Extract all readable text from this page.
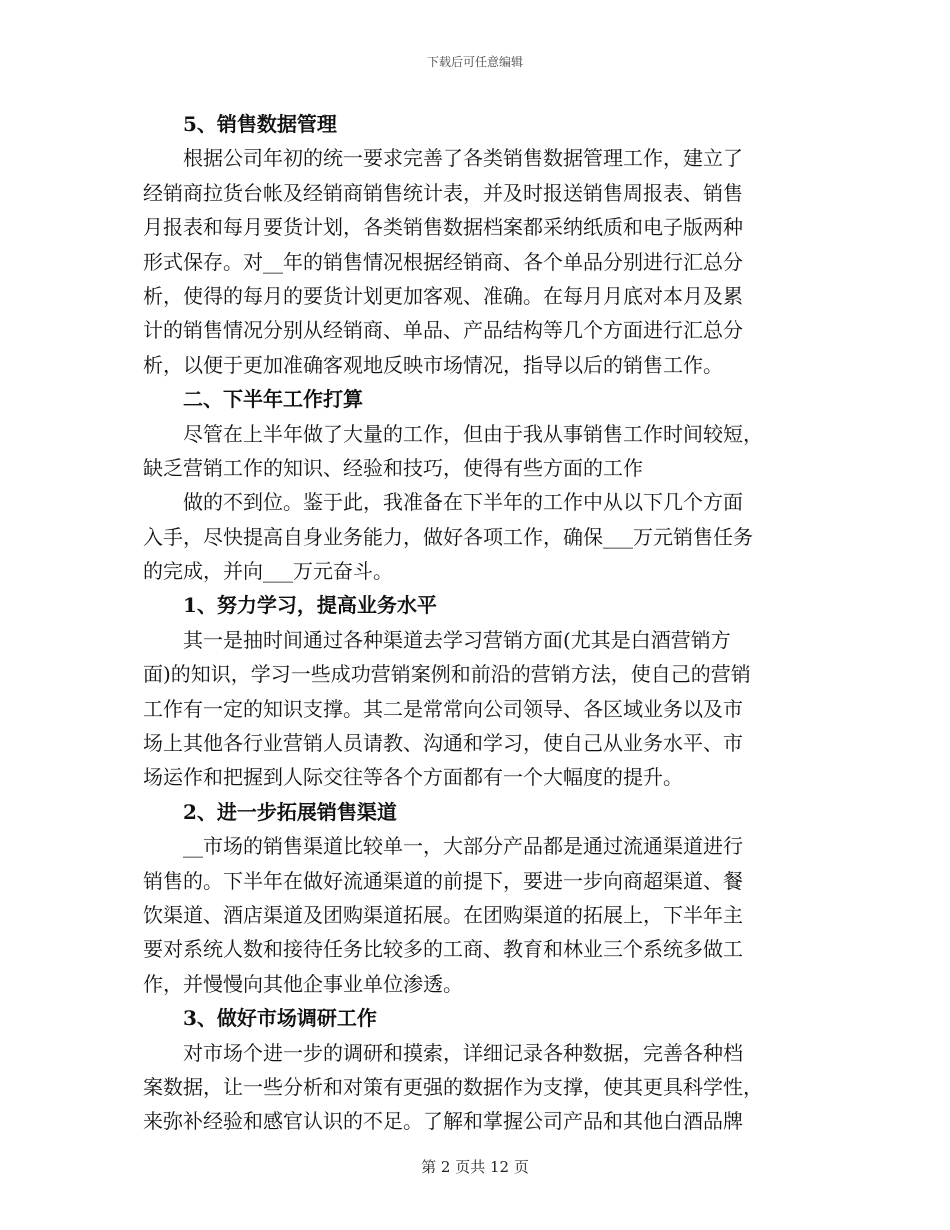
下载后可任意编辑
5、销售数据管理
根据公司年初的统一要求完善了各类销售数据管理工作，建立了
经销商拉货台帐及经销商销售统计表，并及时报送销售周报表、销售
月报表和每月要货计划，各类销售数据档案都采纳纸质和电子版两种
形式保存。对__年的销售情况根据经销商、各个单品分别进行汇总分
析，使得的每月的要货计划更加客观、准确。在每月月底对本月及累
计的销售情况分别从经销商、单品、产品结构等几个方面进行汇总分
析，以便于更加准确客观地反映市场情况，指导以后的销售工作。
二、下半年工作打算
尽管在上半年做了大量的工作，但由于我从事销售工作时间较短，
缺乏营销工作的知识、经验和技巧，使得有些方面的工作
做的不到位。鉴于此，我准备在下半年的工作中从以下几个方面
入手，尽快提高自身业务能力，做好各项工作，确保___万元销售任务
的完成，并向___万元奋斗。
1、努力学习，提高业务水平
其一是抽时间通过各种渠道去学习营销方面(尤其是白酒营销方
面)的知识，学习一些成功营销案例和前沿的营销方法，使自己的营销
工作有一定的知识支撑。其二是常常向公司领导、各区域业务以及市
场上其他各行业营销人员请教、沟通和学习，使自己从业务水平、市
场运作和把握到人际交往等各个方面都有一个大幅度的提升。
2、进一步拓展销售渠道
__市场的销售渠道比较单一，大部分产品都是通过流通渠道进行
销售的。下半年在做好流通渠道的前提下，要进一步向商超渠道、餐
饮渠道、酒店渠道及团购渠道拓展。在团购渠道的拓展上，下半年主
要对系统人数和接待任务比较多的工商、教育和林业三个系统多做工
作，并慢慢向其他企事业单位渗透。
3、做好市场调研工作
对市场个进一步的调研和摸索，详细记录各种数据，完善各种档
案数据，让一些分析和对策有更强的数据作为支撑，使其更具科学性，
来弥补经验和感官认识的不足。了解和掌握公司产品和其他白酒品牌
第 2 页共 12 页
